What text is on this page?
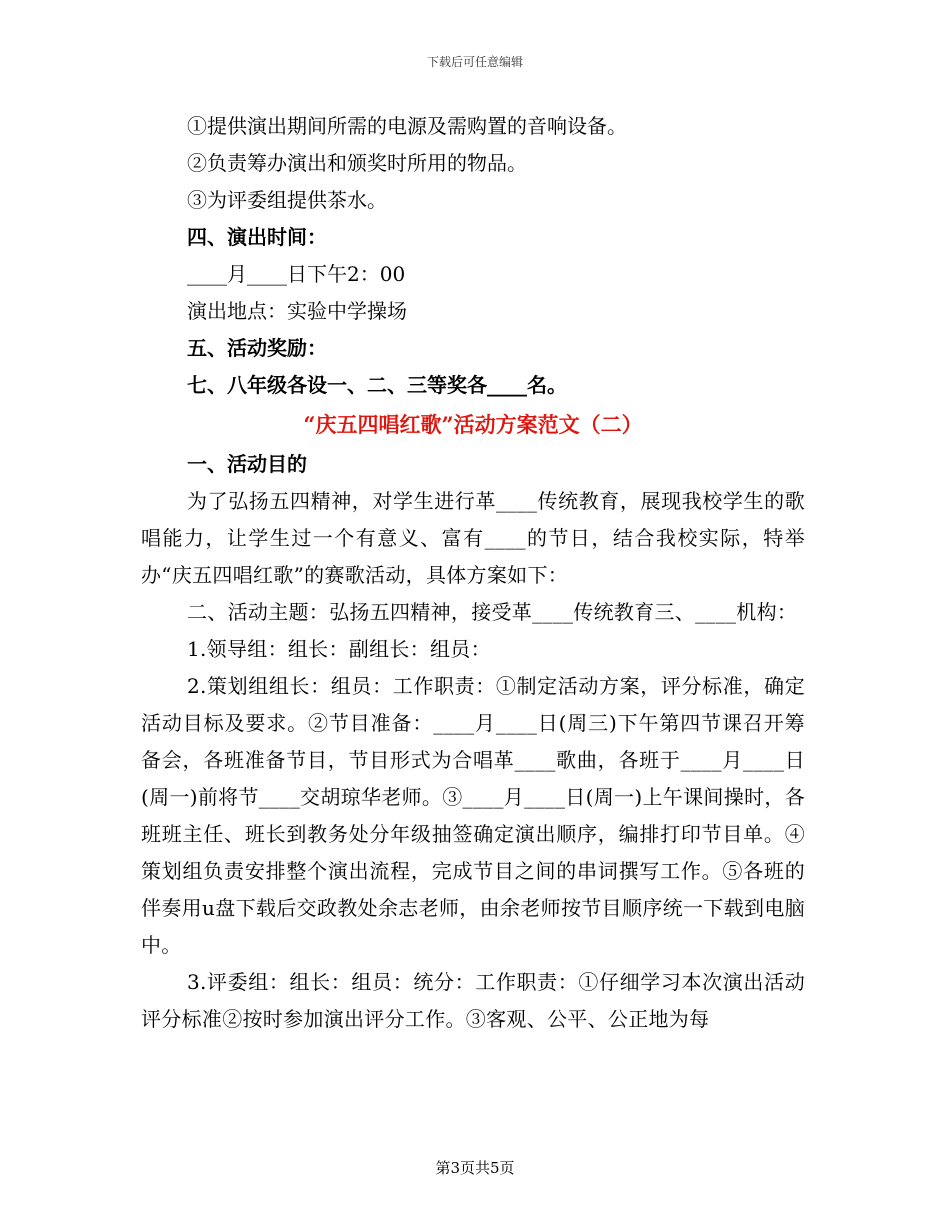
下载后可任意编辑

①提供演出期间所需的电源及需购置的音响设备。

②负责筹办演出和颁奖时所用的物品。

③为评委组提供茶水。

四、演出时间：

____月____日下午2：00

演出地点：实验中学操场

五、活动奖励：

七、八年级各设一、二、三等奖各____名。

“庆五四唱红歌”活动方案范文（二）

一、活动目的

为了弘扬五四精神，对学生进行革____传统教育，展现我校学生的歌唱能力，让学生过一个有意义、富有____的节日，结合我校实际，特举办“庆五四唱红歌”的赛歌活动，具体方案如下：

二、活动主题：弘扬五四精神，接受革____传统教育三、____机构：

1.领导组：组长：副组长：组员：

2.策划组组长：组员：工作职责：①制定活动方案，评分标准，确定活动目标及要求。②节目准备：____月____日(周三)下午第四节课召开筹备会，各班准备节目，节目形式为合唱革____歌曲，各班于____月____日(周一)前将节____交胡琼华老师。③____月____日(周一)上午课间操时，各班班主任、班长到教务处分年级抽签确定演出顺序，编排打印节目单。④策划组负责安排整个演出流程，完成节目之间的串词撰写工作。⑤各班的伴奏用u盘下载后交政教处余志老师，由余老师按节目顺序统一下载到电脑中。

3.评委组：组长：组员：统分：工作职责：①仔细学习本次演出活动评分标准②按时参加演出评分工作。③客观、公平、公正地为每

第3页共5页
